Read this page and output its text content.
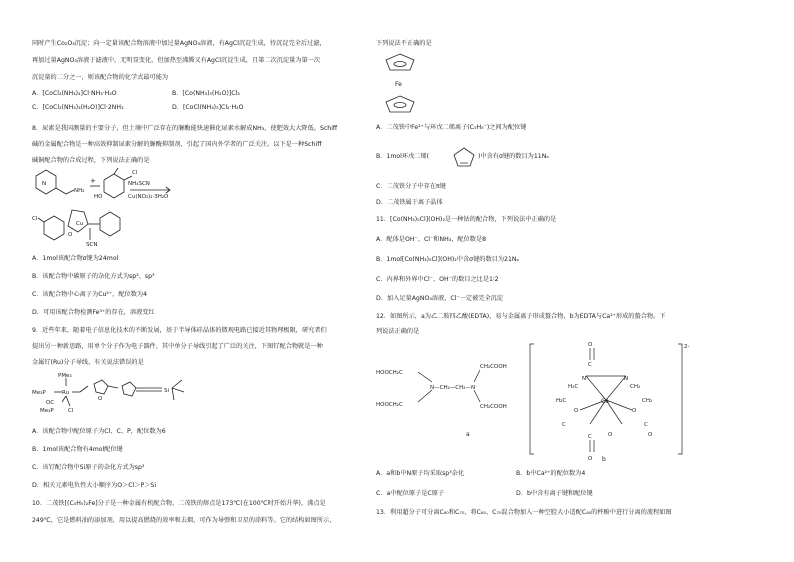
同时产生Co₂O₃沉淀；向一定量该配合物溶液中加过量AgNO₃溶液，有AgCl沉淀生成，待沉淀完全后过滤，
再加过量AgNO₃溶液于滤液中，无明显变化，但加热至沸腾又有AgCl沉淀生成，且第二次沉淀量为第一次
沉淀量的二分之一，则该配合物的化学式最可能为
A．[CoCl₂(NH₃)₄]Cl·NH₃·H₂O	B．[Co(NH₃)₅(H₂O)]Cl₃
C．[CoCl₂(NH₃)₃(H₂O)]Cl·2NH₃	D．[CoCl(NH₃)₅]Cl₂·H₂O
8．尿素是我国测量的主要分子，但土壤中广泛存在的脲酶能快速催化尿素水解成NH₃，使肥效大大降低。Schiff
碱的金属配合物是一种高效抑制尿素分解的脲酶抑制剂，引起了国内外学者的广泛关注。以下是一种Schiff
碱铜配合物的合成过程，下列说法正确的是
N
NH₂
+
HO
Cl
NH₄SCN
Cu(NO₃)₂·3H₂O
Cl
Cu
O
SCN
A．1mol该配合物σ键为24mol
B．该配合物中碳原子的杂化方式为sp²、sp³
C．该配合物中心离子为Cu²⁺，配位数为4
D．可用该配合物检测Fe³⁺的存在，溶液变红
9．近些年来，随着电子信息化技术的不断发展，基于半导体硅晶体的微观电路已接近其物理极限，研究者们
提出另一种新思路，用单个分子作为电子器件，其中单分子导线引起了广泛的关注，下图钌配合物就是一种
金属钌(Ru)分子导线，有关说法错误的是
PMe₃
Me₃P	Ru
OC
Me₃P	Cl
O
Si
A．该配合物中配位原子为Cl、C、P，配位数为6
B．1mol该配合物有4mol配位键
C．该钌配合物中Si原子的杂化方式为sp³
D．相关元素电负性大小顺序为O＞Cl＞P＞Si
10．二茂铁[(C₅H₅)₂Fe]分子是一种金属有机配合物，二茂铁的熔点是173℃(在100℃时开始升华)，沸点是
249℃，它是燃料油的添加剂，用以提高燃烧的效率和去烟，可作为导弹和卫星的涂料等。它的结构如图所示，
下列说法不正确的是
Fe
A．二茂铁中Fe²⁺与环戊二烯离子(C₅H₅⁻)之间为配位键
B．1mol环戊二烯(	)中含有σ键的数目为11Nₐ
C．二茂铁分子中存在π键
D．二茂铁属于离子晶体
11．[Co(NH₃)₅Cl](OH)₂是一种钴的配合物，下列说法中正确的是
A．配体是OH⁻、Cl⁻和NH₃，配位数是8
B．1mol[Co(NH₃)₅Cl](OH)₂中含σ键的数目为21Nₐ
C．内界和外界中Cl⁻、OH⁻的数目之比是1∶2
D．加入足量AgNO₃溶液，Cl⁻一定被完全沉淀
12．如图所示，a为乙二胺四乙酸(EDTA)，易与金属离子形成螯合物，b为EDTA与Ca²⁺形成的螯合物。下
列说法正确的是
HOOCH₂C
HOOCH₂C
N—CH₂—CH₂—N
CH₂COOH
CH₂COOH
a
2-
Ca
O
O
O	O
C
C
C	C
N	N
H₂C	CH₂
H₂C	CH₂
O	O
b
A．a和b中N原子均采取sp³杂化	B．b中Ca²⁺的配位数为4
C．a中配位原子是C原子	D．b中含有离子键和配位键
13．利用超分子可分离C₆₀和C₇₀，将C₆₀、C₇₀混合物加入一种空腔大小适配C₆₀的杯酚中进行分离的流程如图
